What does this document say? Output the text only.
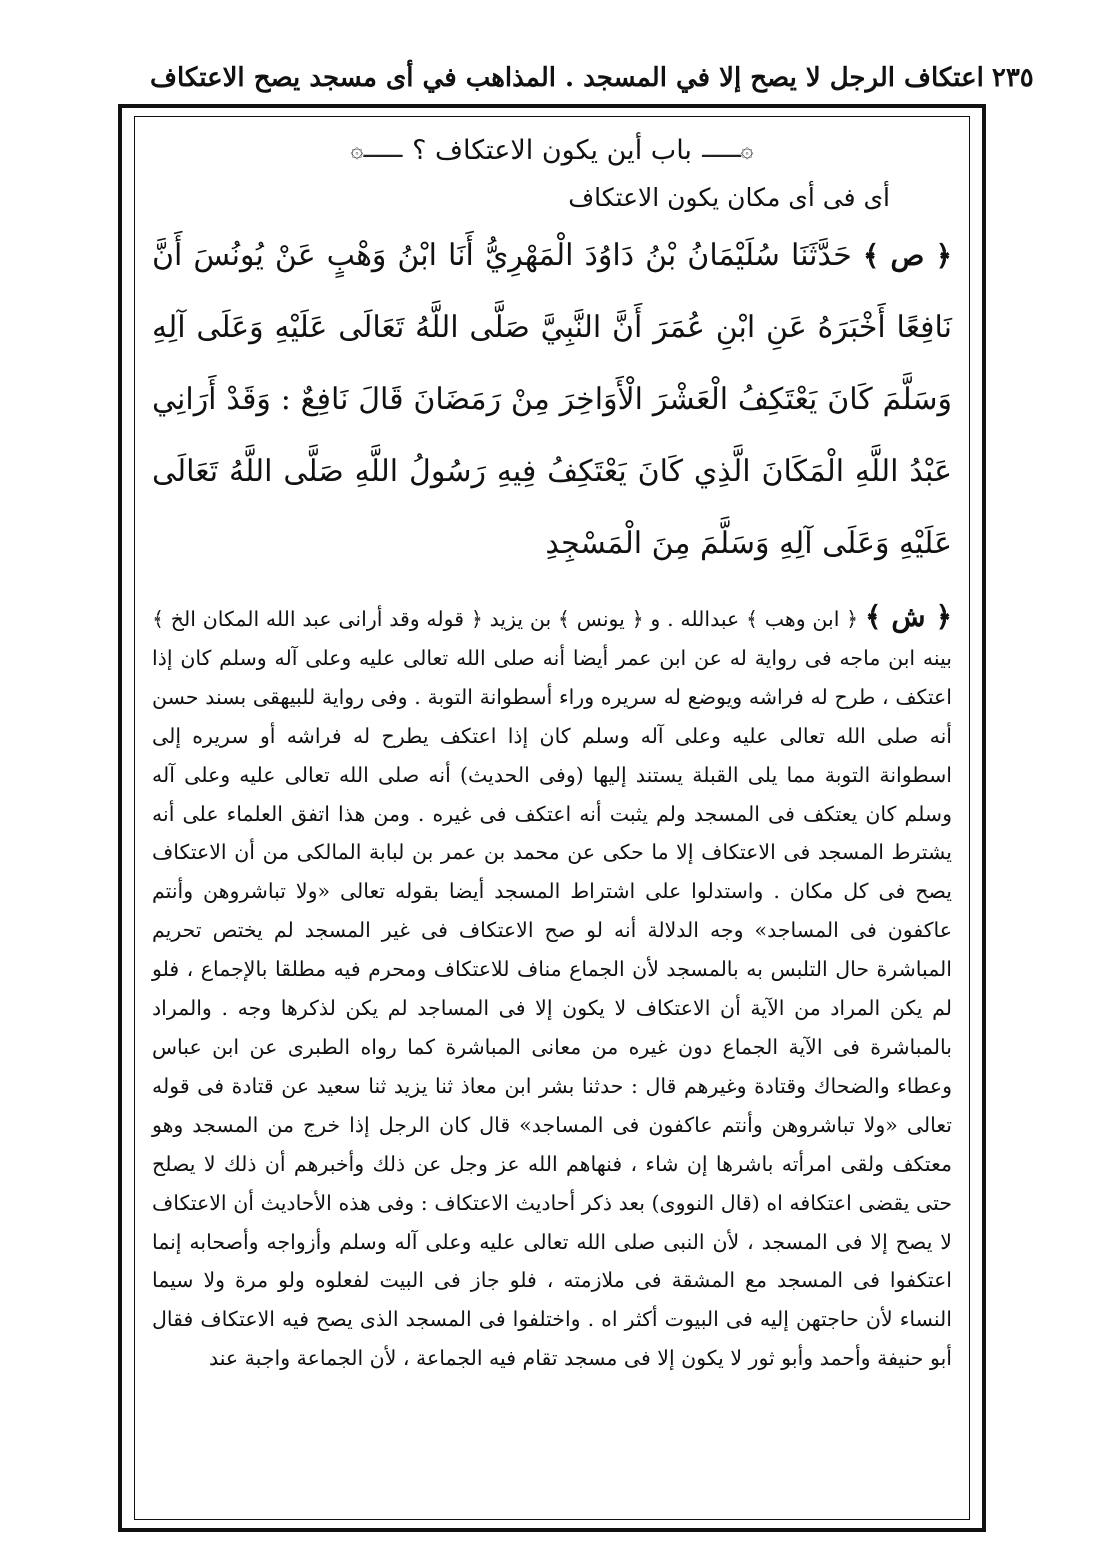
اعتكاف الرجل لا يصح إلا في المسجد . المذاهب في أى مسجد يصح الاعتكاف ٢٣٥
۞ـــ
باب أين يكون الاعتكاف ؟
ـــ۞
أى فى أى مكان يكون الاعتكاف

﴿ ص ﴾ حَدَّثَنَا سُلَيْمَانُ بْنُ دَاوُدَ الْمَهْرِيُّ أَنَا ابْنُ وَهْبٍ عَنْ يُونُسَ أَنَّ نَافِعًا أَخْبَرَهُ عَنِ ابْنِ عُمَرَ أَنَّ النَّبِيَّ صَلَّى اللَّهُ تَعَالَى عَلَيْهِ وَعَلَى آلِهِ وَسَلَّمَ كَانَ يَعْتَكِفُ الْعَشْرَ الْأَوَاخِرَ مِنْ رَمَضَانَ قَالَ نَافِعٌ : وَقَدْ أَرَانِي عَبْدُ اللَّهِ الْمَكَانَ الَّذِي كَانَ يَعْتَكِفُ فِيهِ رَسُولُ اللَّهِ صَلَّى اللَّهُ تَعَالَى عَلَيْهِ وَعَلَى آلِهِ وَسَلَّمَ مِنَ الْمَسْجِدِ

﴿ ش ﴾ ﴿ ابن وهب ﴾ عبدالله . و ﴿ يونس ﴾ بن يزيد ﴿ قوله وقد أرانى عبد الله المكان الخ ﴾ بينه ابن ماجه فى رواية له عن ابن عمر أيضا أنه صلى الله تعالى عليه وعلى آله وسلم كان إذا اعتكف ، طرح له فراشه ويوضع له سريره وراء أسطوانة التوبة . وفى رواية للبيهقى بسند حسن أنه صلى الله تعالى عليه وعلى آله وسلم كان إذا اعتكف يطرح له فراشه أو سريره إلى اسطوانة التوبة مما يلى القبلة يستند إليها (وفى الحديث) أنه صلى الله تعالى عليه وعلى آله وسلم كان يعتكف فى المسجد ولم يثبت أنه اعتكف فى غيره . ومن هذا اتفق العلماء على أنه يشترط المسجد فى الاعتكاف إلا ما حكى عن محمد بن عمر بن لبابة المالكى من أن الاعتكاف يصح فى كل مكان . واستدلوا على اشتراط المسجد أيضا بقوله تعالى «ولا تباشروهن وأنتم عاكفون فى المساجد» وجه الدلالة أنه لو صح الاعتكاف فى غير المسجد لم يختص تحريم المباشرة حال التلبس به بالمسجد لأن الجماع مناف للاعتكاف ومحرم فيه مطلقا بالإجماع ، فلو لم يكن المراد من الآية أن الاعتكاف لا يكون إلا فى المساجد لم يكن لذكرها وجه . والمراد بالمباشرة فى الآية الجماع دون غيره من معانى المباشرة كما رواه الطبرى عن ابن عباس وعطاء والضحاك وقتادة وغيرهم قال : حدثنا بشر ابن معاذ ثنا يزيد ثنا سعيد عن قتادة فى قوله تعالى «ولا تباشروهن وأنتم عاكفون فى المساجد» قال كان الرجل إذا خرج من المسجد وهو معتكف ولقى امرأته باشرها إن شاء ، فنهاهم الله عز وجل عن ذلك وأخبرهم أن ذلك لا يصلح حتى يقضى اعتكافه اه (قال النووى) بعد ذكر أحاديث الاعتكاف : وفى هذه الأحاديث أن الاعتكاف لا يصح إلا فى المسجد ، لأن النبى صلى الله تعالى عليه وعلى آله وسلم وأزواجه وأصحابه إنما اعتكفوا فى المسجد مع المشقة فى ملازمته ، فلو جاز فى البيت لفعلوه ولو مرة ولا سيما النساء لأن حاجتهن إليه فى البيوت أكثر اه . واختلفوا فى المسجد الذى يصح فيه الاعتكاف فقال أبو حنيفة وأحمد وأبو ثور لا يكون إلا فى مسجد تقام فيه الجماعة ، لأن الجماعة واجبة عند
